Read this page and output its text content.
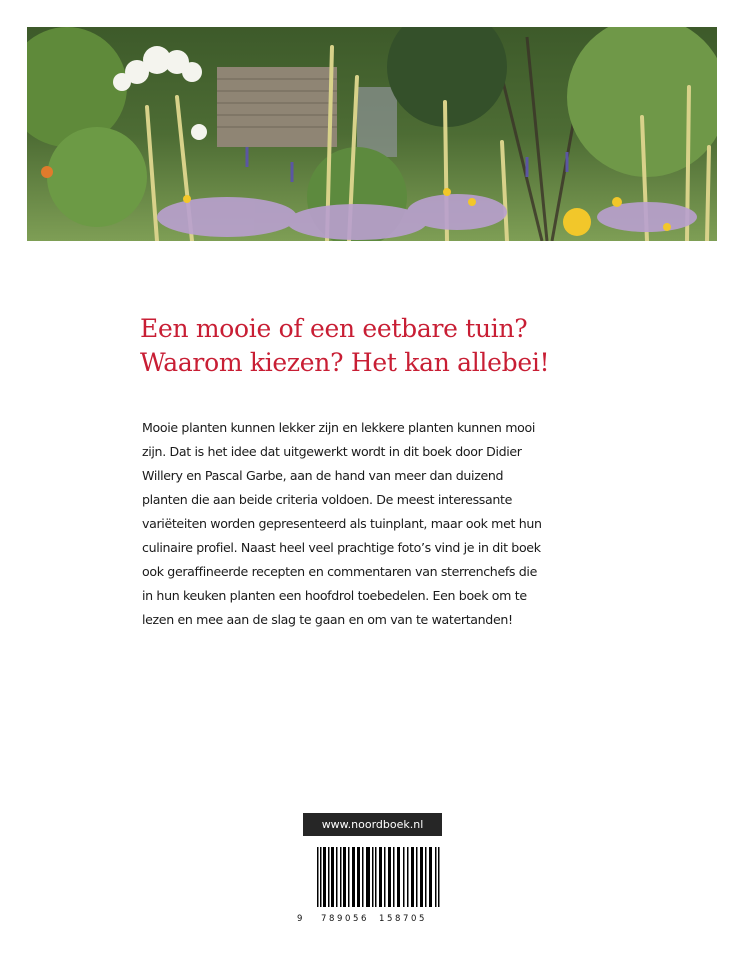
Een mooie of een eetbare tuin?
Waarom kiezen? Het kan allebei!

Mooie planten kunnen lekker zijn en lekkere planten kunnen mooi
zijn. Dat is het idee dat uitgewerkt wordt in dit boek door Didier
Willery en Pascal Garbe, aan de hand van meer dan duizend
planten die aan beide criteria voldoen. De meest interessante
variëteiten worden gepresenteerd als tuinplant, maar ook met hun
culinaire profiel. Naast heel veel prachtige foto’s vind je in dit boek
ook geraffineerde recepten en commentaren van sterrenchefs die
in hun keuken planten een hoofdrol toebedelen. Een boek om te
lezen en mee aan de slag te gaan en om van te watertanden!

www.noordboek.nl
9 789056 158705
